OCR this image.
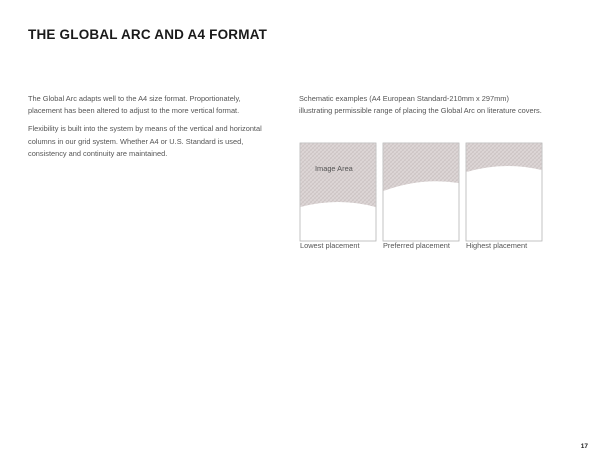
THE GLOBAL ARC AND A4 FORMAT

The Global Arc adapts well to the A4 size format. Proportionately, placement has been altered to adjust to the more vertical format.

Flexibility is built into the system by means of the vertical and horizontal columns in our grid system. Whether A4 or U.S. Standard is used, consistency and continuity are maintained.

Schematic examples (A4 European Standard-210mm x 297mm) illustrating permissible range of placing the Global Arc on literature covers.

Image Area
Lowest placement	Preferred placement Highest placement
17
